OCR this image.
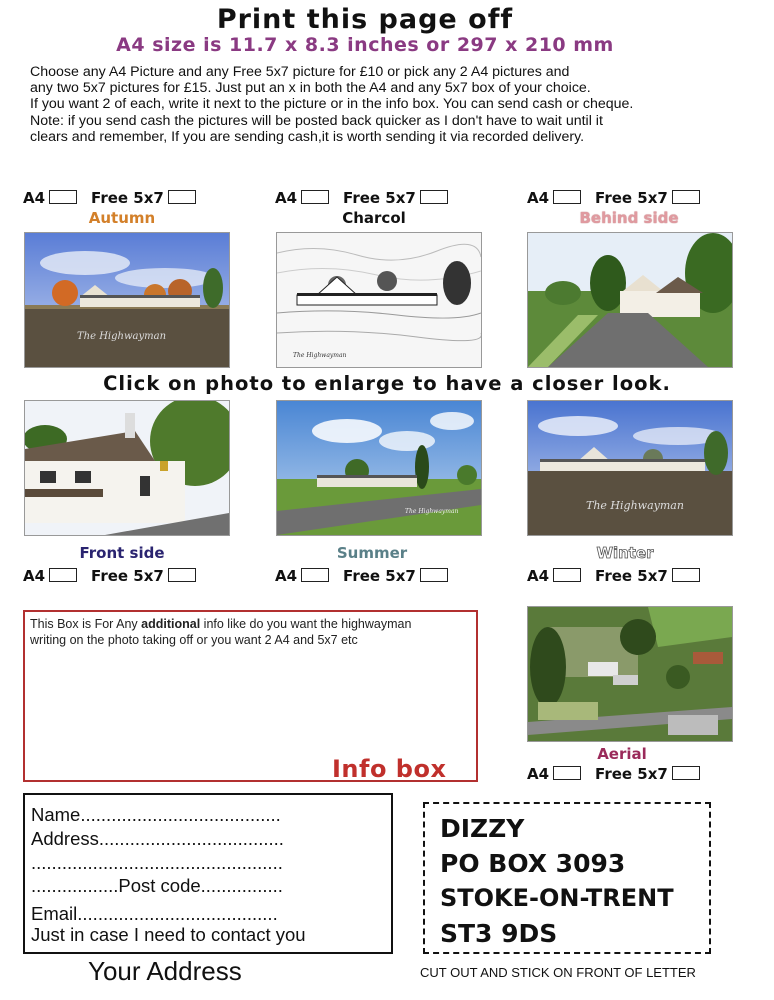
Print this page off
A4 size is 11.7 x 8.3 inches or 297 x 210 mm
Choose any A4 Picture and any Free 5x7 picture for £10 or pick any 2 A4 pictures and
any two 5x7 pictures for £15. Just put an x in both the A4 and any 5x7 box of your choice.
If you want 2 of each, write it next to the picture or in the info box. You can send cash or cheque.
Note: if you send cash the pictures will be posted back quicker as I don't have to wait until it
clears and remember, If you are sending cash,it is worth sending it via recorded delivery.
A4	Free 5x7	A4	Free 5x7	A4	Free 5x7
Autumn	Charcol	Behind side
The Highwayman
The Highwayman
Click on photo to enlarge to have a closer look.
The Highwayman	The Highwayman
Front side	Summer	Winter
A4	Free 5x7	A4	Free 5x7	A4	Free 5x7
This Box is For Any additional info like do you want the highwayman
writing on the photo taking off or you want 2 A4 and 5x7 etc
Info box
Aerial
A4	Free 5x7
Name.......................................
Address....................................
.................................................
.................Post code................
Email.......................................
Just in case I need to contact you
Your Address
DIZZY
PO BOX 3093
STOKE-ON-TRENT
ST3 9DS
CUT OUT AND STICK ON FRONT OF LETTER
